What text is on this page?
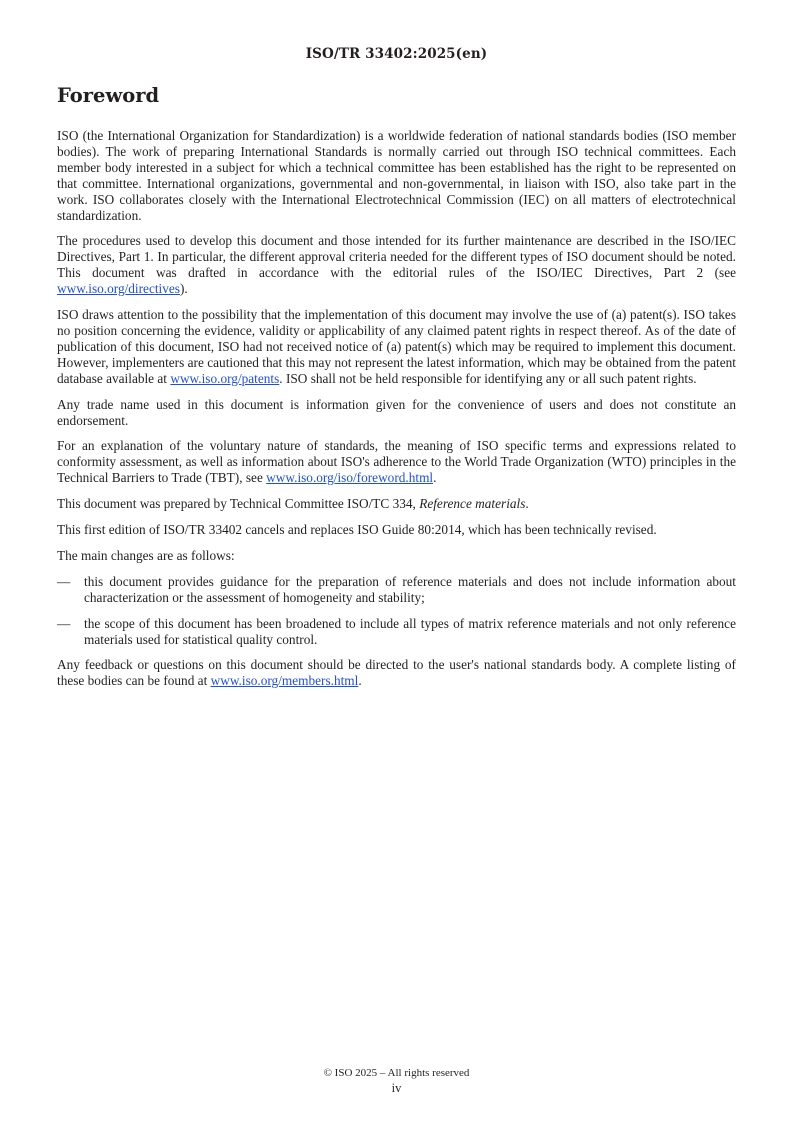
ISO/TR 33402:2025(en)
Foreword

ISO (the International Organization for Standardization) is a worldwide federation of national standards bodies (ISO member bodies). The work of preparing International Standards is normally carried out through ISO technical committees. Each member body interested in a subject for which a technical committee has been established has the right to be represented on that committee. International organizations, governmental and non-governmental, in liaison with ISO, also take part in the work. ISO collaborates closely with the International Electrotechnical Commission (IEC) on all matters of electrotechnical standardization.

The procedures used to develop this document and those intended for its further maintenance are described in the ISO/IEC Directives, Part 1. In particular, the different approval criteria needed for the different types of ISO document should be noted. This document was drafted in accordance with the editorial rules of the ISO/IEC Directives, Part 2 (see www.iso.org/directives).

ISO draws attention to the possibility that the implementation of this document may involve the use of (a) patent(s). ISO takes no position concerning the evidence, validity or applicability of any claimed patent rights in respect thereof. As of the date of publication of this document, ISO had not received notice of (a) patent(s) which may be required to implement this document. However, implementers are cautioned that this may not represent the latest information, which may be obtained from the patent database available at www.iso.org/patents. ISO shall not be held responsible for identifying any or all such patent rights.

Any trade name used in this document is information given for the convenience of users and does not constitute an endorsement.

For an explanation of the voluntary nature of standards, the meaning of ISO specific terms and expressions related to conformity assessment, as well as information about ISO's adherence to the World Trade Organization (WTO) principles in the Technical Barriers to Trade (TBT), see www.iso.org/iso/foreword.html.

This document was prepared by Technical Committee ISO/TC 334, Reference materials.

This first edition of ISO/TR 33402 cancels and replaces ISO Guide 80:2014, which has been technically revised.

The main changes are as follows:

— this document provides guidance for the preparation of reference materials and does not include information about characterization or the assessment of homogeneity and stability;
— the scope of this document has been broadened to include all types of matrix reference materials and not only reference materials used for statistical quality control.

Any feedback or questions on this document should be directed to the user's national standards body. A complete listing of these bodies can be found at www.iso.org/members.html.

© ISO 2025 – All rights reserved
iv
